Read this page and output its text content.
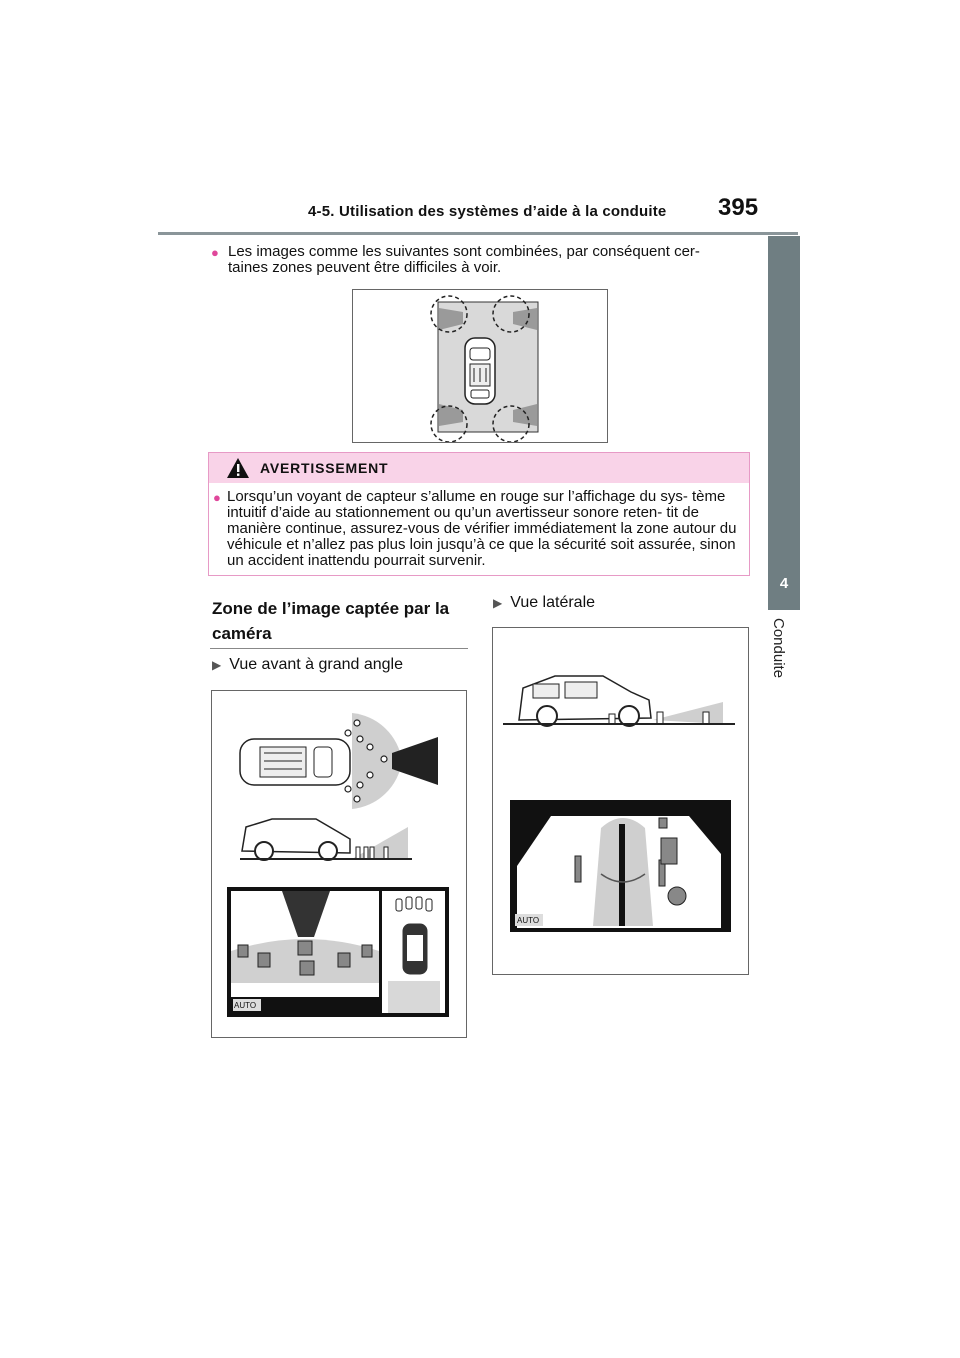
4-5. Utilisation des systèmes d’aide à la conduite 395
4
Conduite
● Les images comme les suivantes sont combinées, par conséquent cer- taines zones peuvent être difficiles à voir.
AVERTISSEMENT
● Lorsqu’un voyant de capteur s’allume en rouge sur l’affichage du sys- tème intuitif d’aide au stationnement ou qu’un avertisseur sonore reten- tit de manière continue, assurez-vous de vérifier immédiatement la zone autour du véhicule et n’allez pas plus loin jusqu’à ce que la sécurité soit assurée, sinon un accident inattendu pourrait survenir.
Zone de l’image captée par la caméra
▶ Vue avant à grand angle
▶ Vue latérale
AUTO
AUTO
